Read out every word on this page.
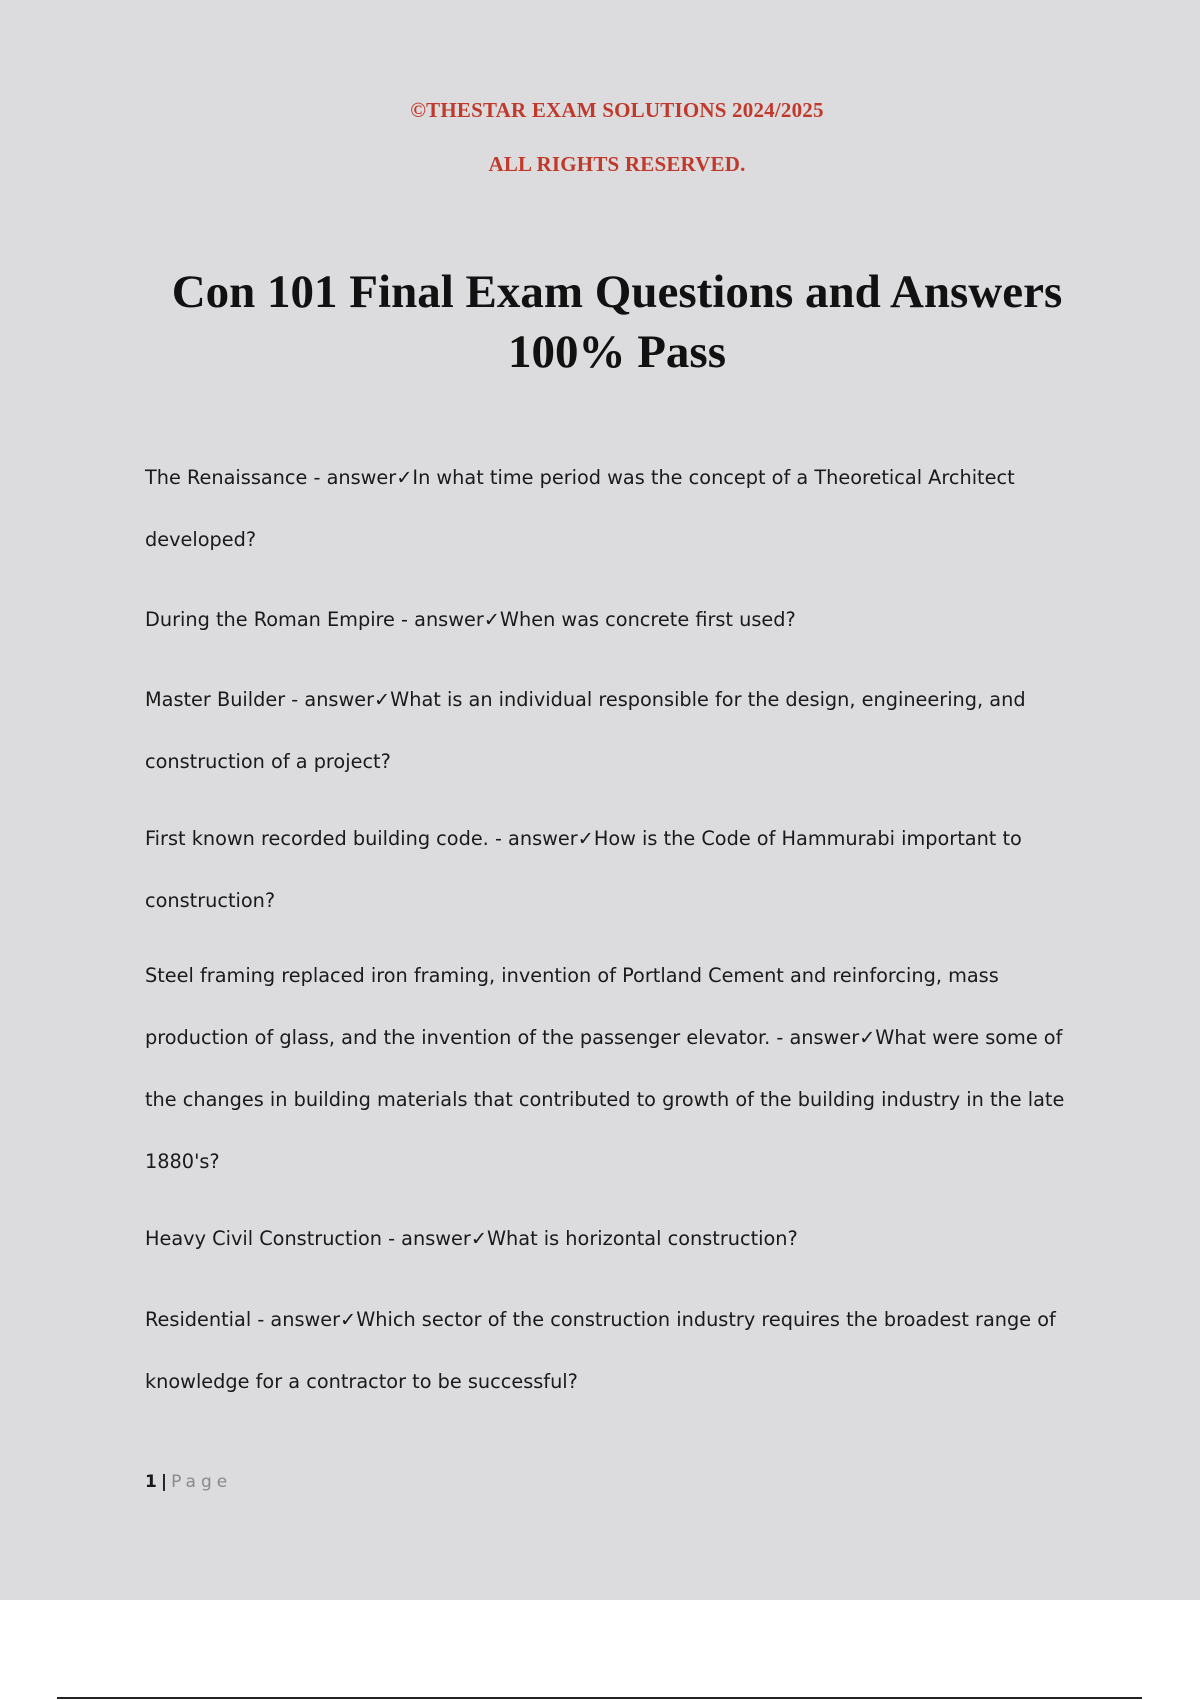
©THESTAR EXAM SOLUTIONS 2024/2025
ALL RIGHTS RESERVED.
Con 101 Final Exam Questions and Answers
100% Pass
The Renaissance - answer✓In what time period was the concept of a Theoretical Architect
developed?
During the Roman Empire - answer✓When was concrete first used?
Master Builder - answer✓What is an individual responsible for the design, engineering, and
construction of a project?
First known recorded building code. - answer✓How is the Code of Hammurabi important to
construction?
Steel framing replaced iron framing, invention of Portland Cement and reinforcing, mass
production of glass, and the invention of the passenger elevator. - answer✓What were some of
the changes in building materials that contributed to growth of the building industry in the late
1880's?
Heavy Civil Construction - answer✓What is horizontal construction?
Residential - answer✓Which sector of the construction industry requires the broadest range of
knowledge for a contractor to be successful?
1 | Page
